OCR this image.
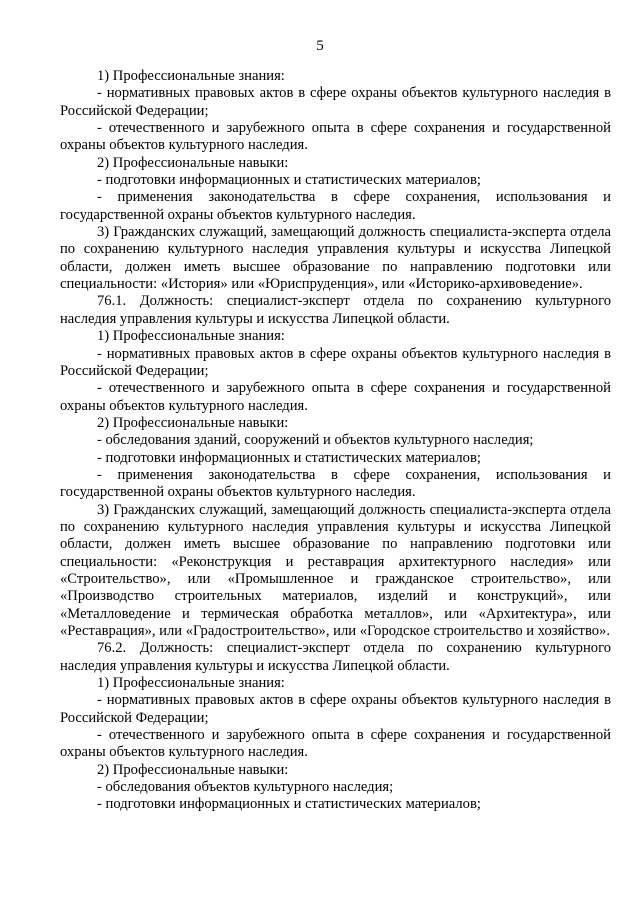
5

1) Профессиональные знания:

- нормативных правовых актов в сфере охраны объектов культурного наследия в Российской Федерации;

- отечественного и зарубежного опыта в сфере сохранения и государственной охраны объектов культурного наследия.

2) Профессиональные навыки:

- подготовки информационных и статистических материалов;

- применения законодательства в сфере сохранения, использования и государственной охраны объектов культурного наследия.

3) Гражданских служащий, замещающий должность специалиста-эксперта отдела по сохранению культурного наследия управления культуры и искусства Липецкой области, должен иметь высшее образование по направлению подготовки или специальности: «История» или «Юриспруденция», или «Историко-архивоведение».

76.1. Должность: специалист-эксперт отдела по сохранению культурного наследия управления культуры и искусства Липецкой области.

1) Профессиональные знания:

- нормативных правовых актов в сфере охраны объектов культурного наследия в Российской Федерации;

- отечественного и зарубежного опыта в сфере сохранения и государственной охраны объектов культурного наследия.

2) Профессиональные навыки:

- обследования зданий, сооружений и объектов культурного наследия;

- подготовки информационных и статистических материалов;

- применения законодательства в сфере сохранения, использования и государственной охраны объектов культурного наследия.

3) Гражданских служащий, замещающий должность специалиста-эксперта отдела по сохранению культурного наследия управления культуры и искусства Липецкой области, должен иметь высшее образование по направлению подготовки или специальности: «Реконструкция и реставрация архитектурного наследия» или «Строительство», или «Промышленное и гражданское строительство», или «Производство строительных материалов, изделий и конструкций», или «Металловедение и термическая обработка металлов», или «Архитектура», или «Реставрация», или «Градостроительство», или «Городское строительство и хозяйство».

76.2. Должность: специалист-эксперт отдела по сохранению культурного наследия управления культуры и искусства Липецкой области.

1) Профессиональные знания:

- нормативных правовых актов в сфере охраны объектов культурного наследия в Российской Федерации;

- отечественного и зарубежного опыта в сфере сохранения и государственной охраны объектов культурного наследия.

2) Профессиональные навыки:

- обследования объектов культурного наследия;

- подготовки информационных и статистических материалов;
